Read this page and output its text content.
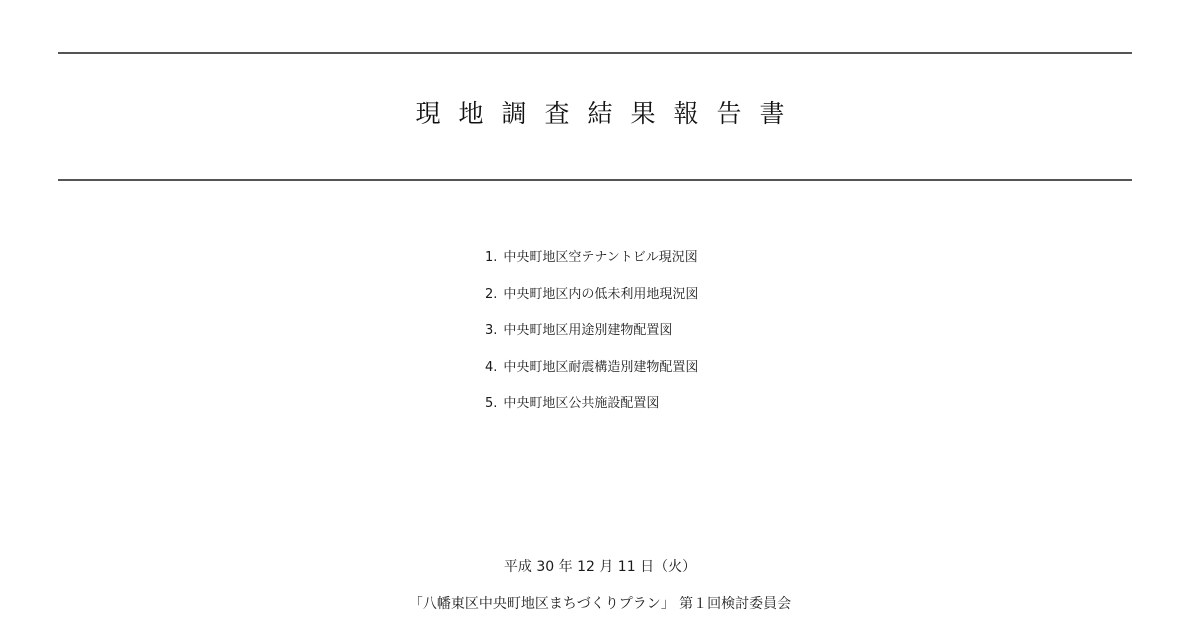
現地調査結果報告書
1. 中央町地区空テナントビル現況図
2. 中央町地区内の低未利用地現況図
3. 中央町地区用途別建物配置図
4. 中央町地区耐震構造別建物配置図
5. 中央町地区公共施設配置図
平成 30 年 12 月 11 日（火）
「八幡東区中央町地区まちづくりプラン」 第１回検討委員会
